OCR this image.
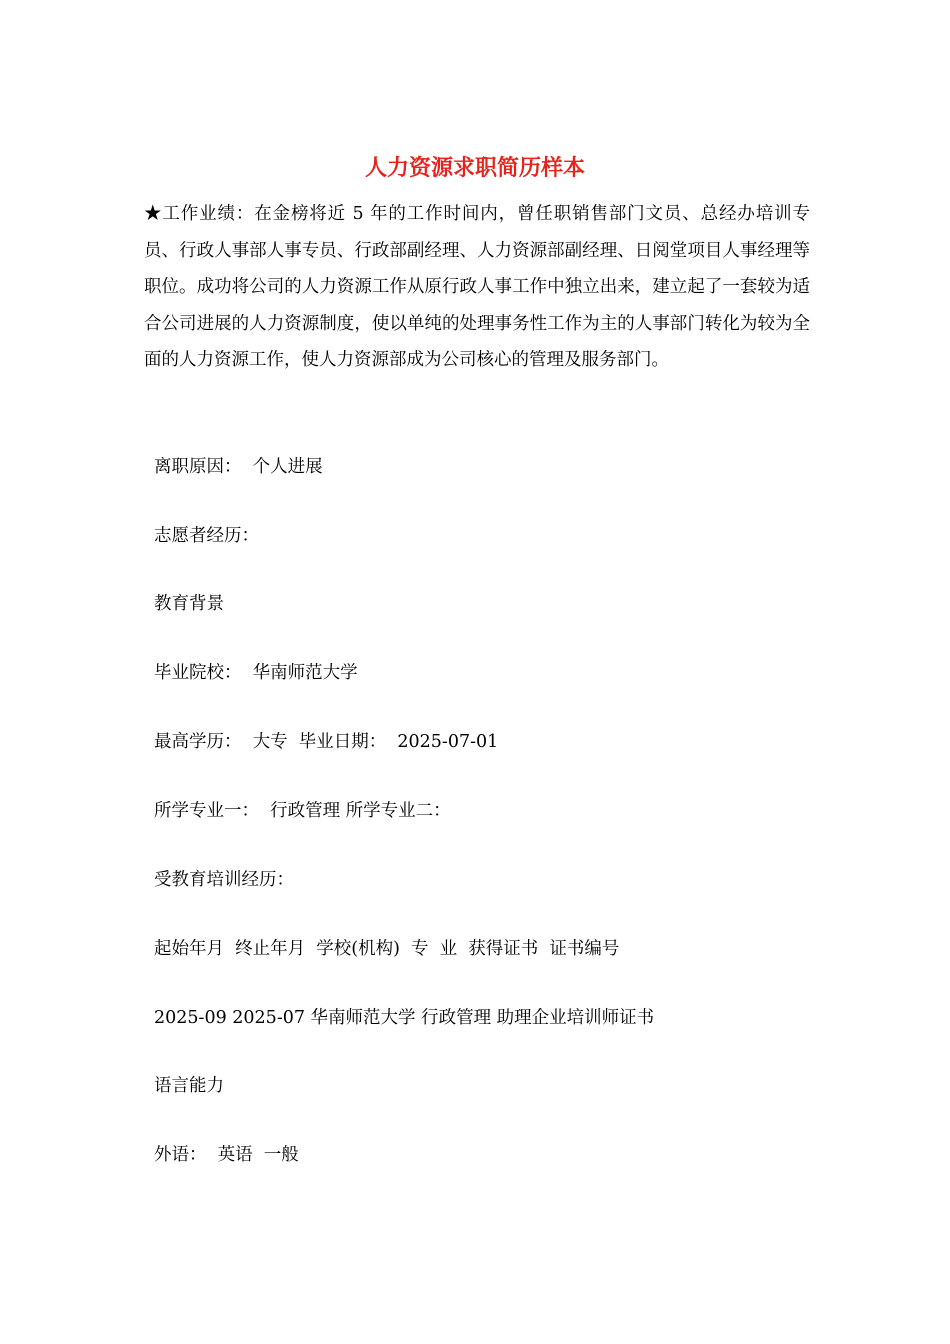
人力资源求职简历样本
★工作业绩：在金榜将近 5 年的工作时间内，曾任职销售部门文员、总经办培训专员、行政人事部人事专员、行政部副经理、人力资源部副经理、日阅堂项目人事经理等职位。成功将公司的人力资源工作从原行政人事工作中独立出来，建立起了一套较为适合公司进展的人力资源制度，使以单纯的处理事务性工作为主的人事部门转化为较为全面的人力资源工作，使人力资源部成为公司核心的管理及服务部门。
离职原因：  个人进展
志愿者经历：
教育背景
毕业院校：  华南师范大学
最高学历：  大专  毕业日期：  2025-07-01
所学专业一：  行政管理 所学专业二：
受教育培训经历：
起始年月  终止年月  学校(机构)  专  业  获得证书  证书编号
2025-09 2025-07 华南师范大学 行政管理 助理企业培训师证书
语言能力
外语：  英语  一般
